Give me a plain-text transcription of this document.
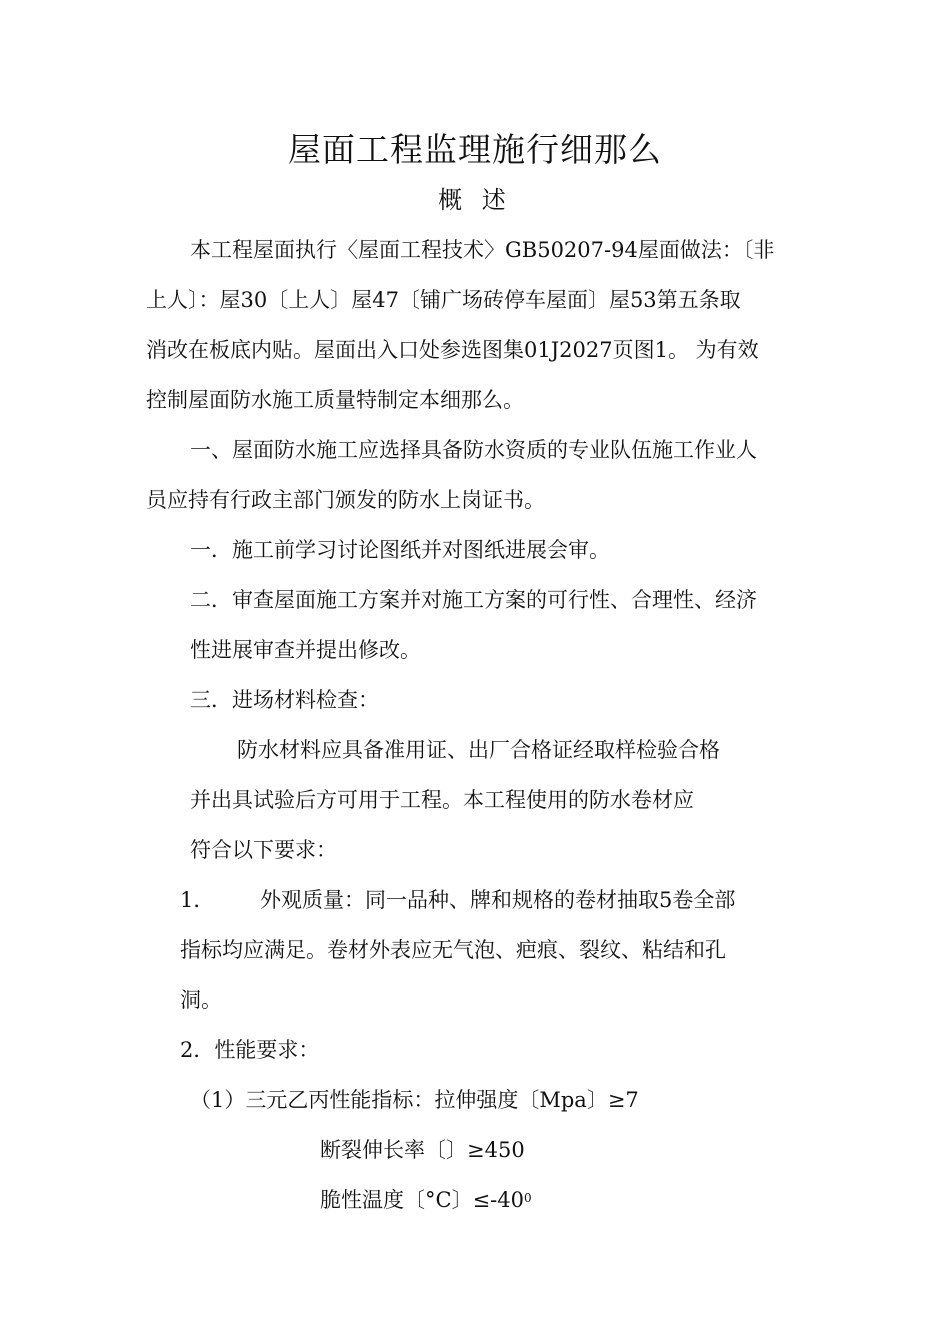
屋面工程监理施行细那么
概 述
本工程屋面执行〈屋面工程技术〉GB50207-94屋面做法：〔非
上人〕：屋30〔上人〕屋47〔铺广场砖停车屋面〕屋53第五条取
消改在板底内贴。屋面出入口处参选图集01J2027页图1。 为有效
控制屋面防水施工质量特制定本细那么。
一、屋面防水施工应选择具备防水资质的专业队伍施工作业人
员应持有行政主部门颁发的防水上岗证书。
一．施工前学习讨论图纸并对图纸进展会审。
二．审查屋面施工方案并对施工方案的可行性、合理性、经济
性进展审查并提出修改。
三．进场材料检查：
防水材料应具备准用证、出厂合格证经取样检验合格
并出具试验后方可用于工程。本工程使用的防水卷材应
符合以下要求：
1． 外观质量：同一品种、牌和规格的卷材抽取5卷全部
指标均应满足。卷材外表应无气泡、疤痕、裂纹、粘结和孔
洞。
2．性能要求：
（1）三元乙丙性能指标：拉伸强度〔Mpa〕≥7
断裂伸长率〔〕≥450
脆性温度〔°C〕$\le-40^0$
